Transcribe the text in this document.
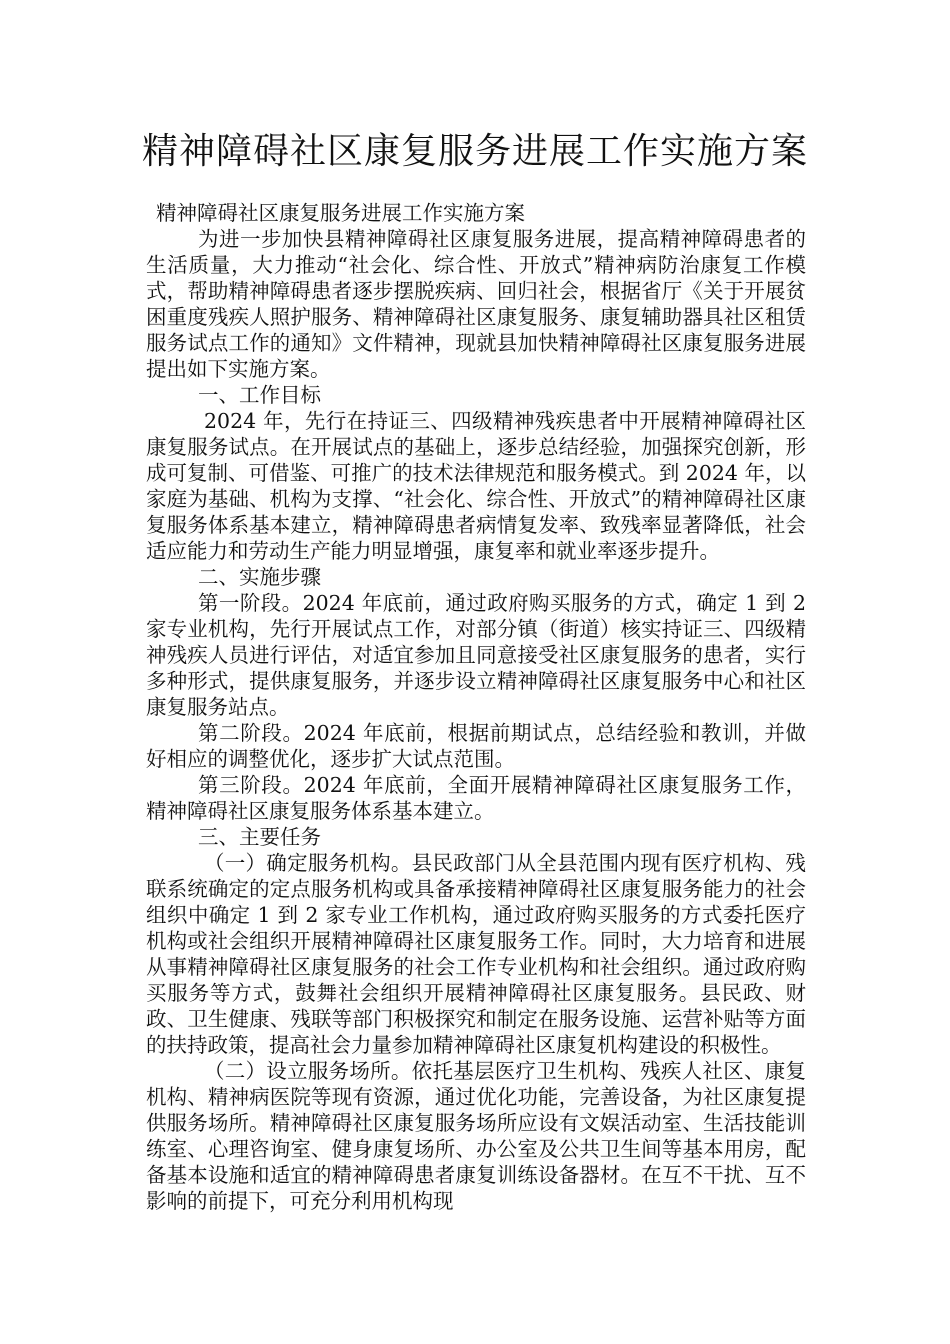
精神障碍社区康复服务进展工作实施方案

精神障碍社区康复服务进展工作实施方案

为进一步加快县精神障碍社区康复服务进展，提高精神障碍患者的生活质量，大力推动“社会化、综合性、开放式”精神病防治康复工作模式，帮助精神障碍患者逐步摆脱疾病、回归社会，根据省厅《关于开展贫困重度残疾人照护服务、精神障碍社区康复服务、康复辅助器具社区租赁服务试点工作的通知》文件精神，现就县加快精神障碍社区康复服务进展提出如下实施方案。

一、工作目标

2024 年，先行在持证三、四级精神残疾患者中开展精神障碍社区康复服务试点。在开展试点的基础上，逐步总结经验，加强探究创新，形成可复制、可借鉴、可推广的技术法律规范和服务模式。到 2024 年，以家庭为基础、机构为支撑、“社会化、综合性、开放式”的精神障碍社区康复服务体系基本建立，精神障碍患者病情复发率、致残率显著降低，社会适应能力和劳动生产能力明显增强，康复率和就业率逐步提升。

二、实施步骤

第一阶段。2024 年底前，通过政府购买服务的方式，确定 1 到 2 家专业机构，先行开展试点工作，对部分镇（街道）核实持证三、四级精神残疾人员进行评估，对适宜参加且同意接受社区康复服务的患者，实行多种形式，提供康复服务，并逐步设立精神障碍社区康复服务中心和社区康复服务站点。

第二阶段。2024 年底前，根据前期试点，总结经验和教训，并做好相应的调整优化，逐步扩大试点范围。

第三阶段。2024 年底前，全面开展精神障碍社区康复服务工作，精神障碍社区康复服务体系基本建立。

三、主要任务

（一）确定服务机构。县民政部门从全县范围内现有医疗机构、残联系统确定的定点服务机构或具备承接精神障碍社区康复服务能力的社会组织中确定 1 到 2 家专业工作机构，通过政府购买服务的方式委托医疗机构或社会组织开展精神障碍社区康复服务工作。同时，大力培育和进展从事精神障碍社区康复服务的社会工作专业机构和社会组织。通过政府购买服务等方式，鼓舞社会组织开展精神障碍社区康复服务。县民政、财政、卫生健康、残联等部门积极探究和制定在服务设施、运营补贴等方面的扶持政策，提高社会力量参加精神障碍社区康复机构建设的积极性。

（二）设立服务场所。依托基层医疗卫生机构、残疾人社区、康复机构、精神病医院等现有资源，通过优化功能，完善设备，为社区康复提供服务场所。精神障碍社区康复服务场所应设有文娱活动室、生活技能训练室、心理咨询室、健身康复场所、办公室及公共卫生间等基本用房，配备基本设施和适宜的精神障碍患者康复训练设备器材。在互不干扰、互不影响的前提下，可充分利用机构现
